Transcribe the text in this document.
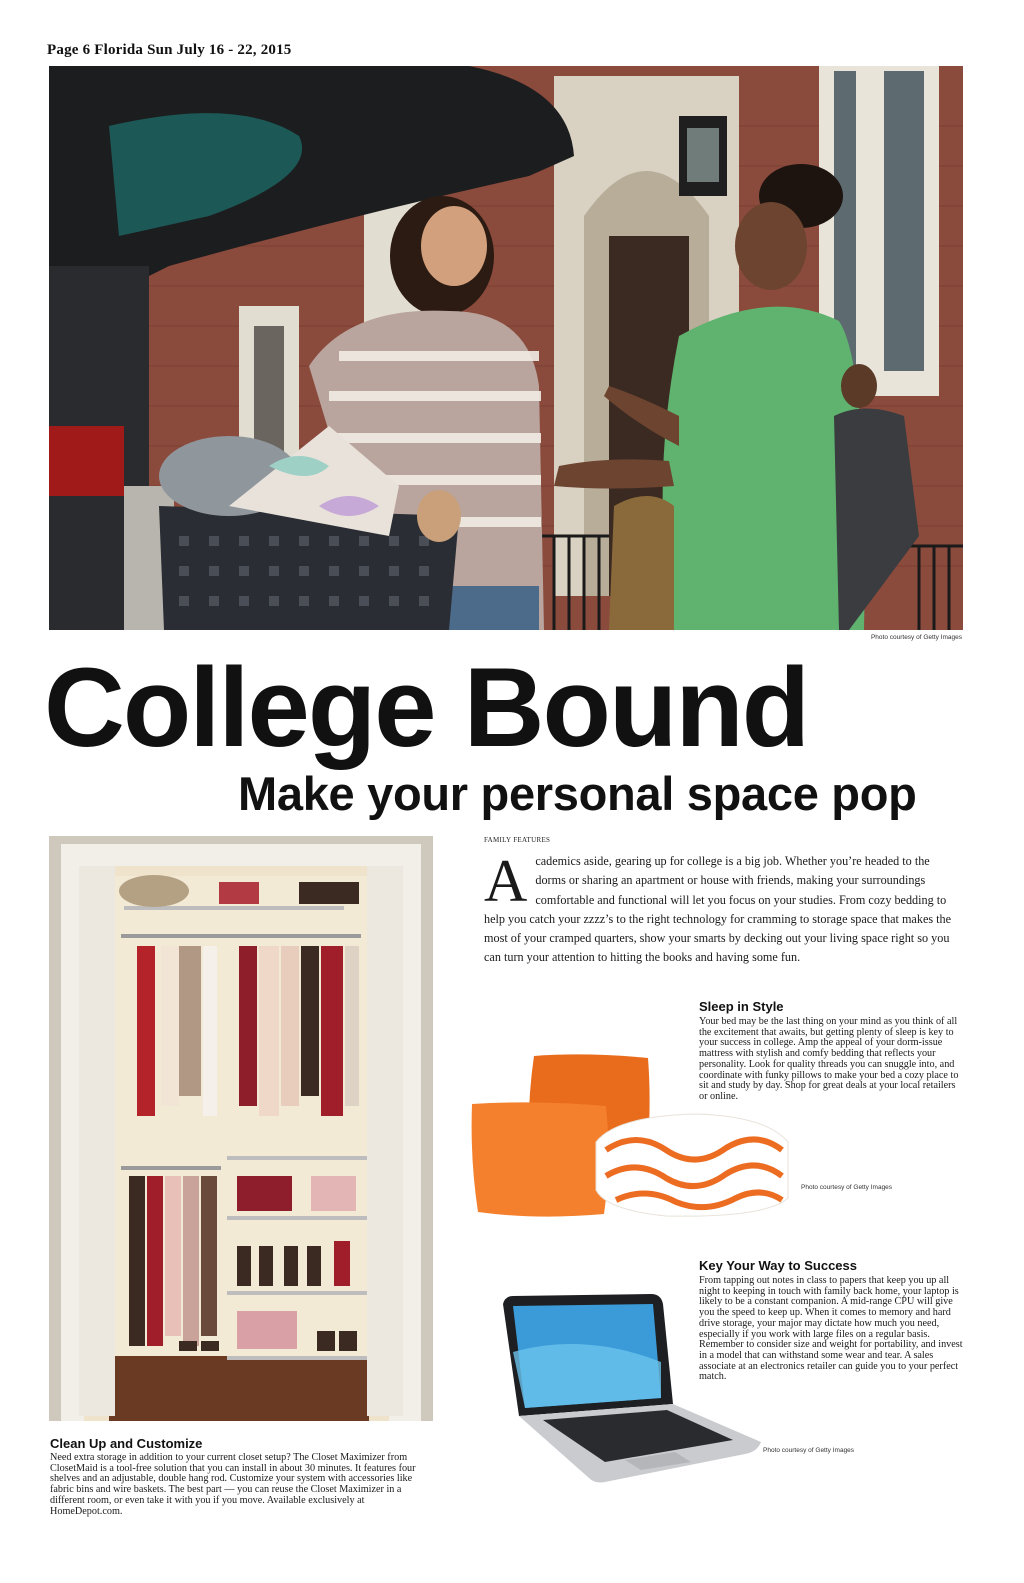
Page 6 Florida Sun July 16 - 22, 2015
Photo courtesy of Getty Images
College Bound
Make your personal space pop
FAMILY FEATURES
A cademics aside, gearing up for college is a big job. Whether you’re headed to the dorms or sharing an apartment or house with friends, making your surroundings comfortable and functional will let you focus on your studies. From cozy bedding to help you catch your zzzz’s to the right technology for cramming to storage space that makes the most of your cramped quarters, show your smarts by decking out your living space right so you can turn your attention to hitting the books and having some fun.
Sleep in Style
Your bed may be the last thing on your mind as you think of all the excitement that awaits, but getting plenty of sleep is key to your success in college. Amp the appeal of your dorm-issue mattress with stylish and comfy bedding that reflects your personality. Look for quality threads you can snuggle into, and coordinate with funky pillows to make your bed a cozy place to sit and study by day. Shop for great deals at your local retailers or online.
Photo courtesy of Getty Images
Key Your Way to Success
From tapping out notes in class to papers that keep you up all night to keeping in touch with family back home, your laptop is likely to be a constant companion. A mid-range CPU will give you the speed to keep up. When it comes to memory and hard drive storage, your major may dictate how much you need, especially if you work with large files on a regular basis. Remember to consider size and weight for portability, and invest in a model that can withstand some wear and tear. A sales associate at an electronics retailer can guide you to your perfect match.
Photo courtesy of Getty Images
Clean Up and Customize
Need extra storage in addition to your current closet setup? The Closet Maximizer from ClosetMaid is a tool-free solution that you can install in about 30 minutes. It features four shelves and an adjustable, double hang rod. Customize your system with accessories like fabric bins and wire baskets. The best part — you can reuse the Closet Maximizer in a different room, or even take it with you if you move. Available exclusively at HomeDepot.com.
